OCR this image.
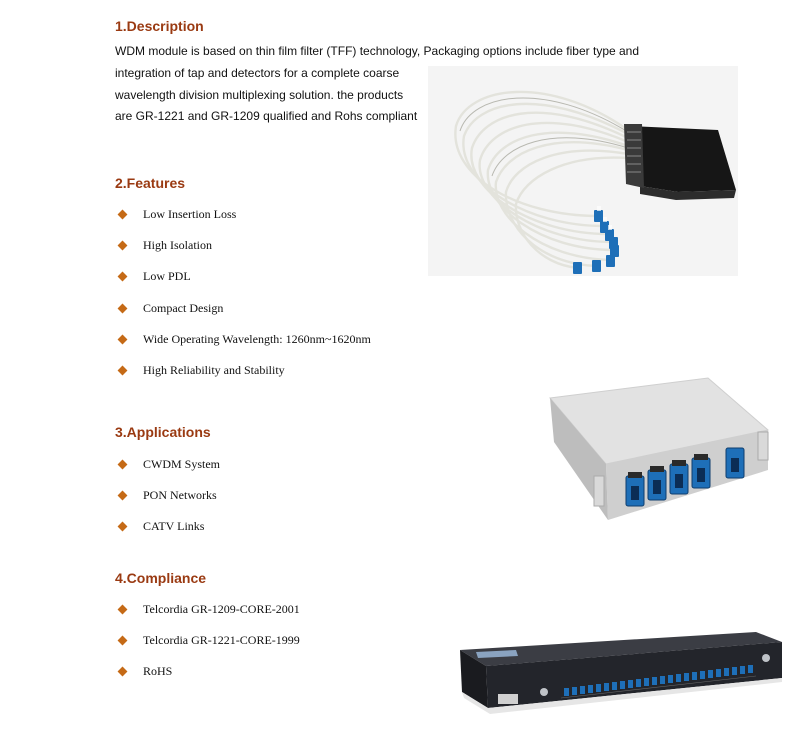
1.Description
WDM module is based on thin film filter (TFF) technology, Packaging options include fiber type and
integration of tap and detectors for a complete coarse
wavelength division multiplexing solution. the products
are GR-1221 and GR-1209 qualified and Rohs compliant
2.Features
Low Insertion Loss
High Isolation
Low PDL
Compact Design
Wide Operating Wavelength: 1260nm~1620nm
High Reliability and Stability
3.Applications
CWDM System
PON Networks
CATV Links
4.Compliance
Telcordia GR-1209-CORE-2001
Telcordia GR-1221-CORE-1999
RoHS
